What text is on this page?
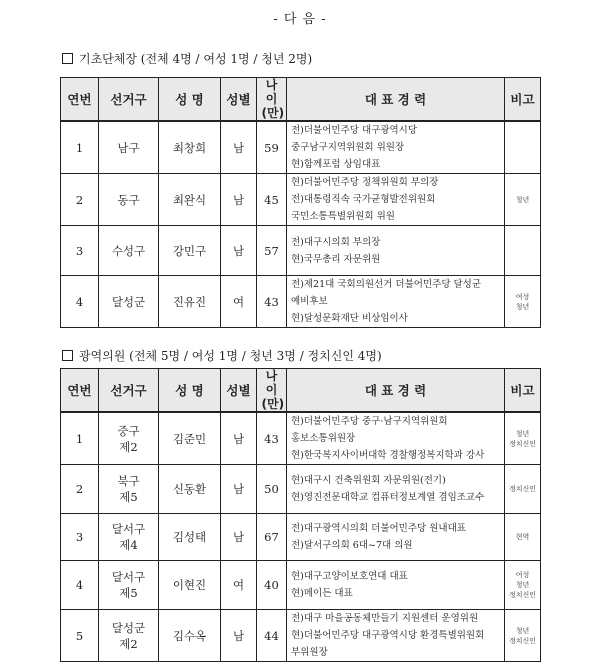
- 다 음 -
기초단체장 (전체 4명 / 여성 1명 / 청년 2명)
연번	선거구	성 명	성별	나이(만)	대 표 경 력	비고
1	남구	최창희	남	59	전)더불어민주당 대구광역시당
중구남구지역위원회 위원장
현)함께포럼 상임대표	

2	동구	최완식	남	45	현)더불어민주당 정책위원회 부의장
전)대통령직속 국가균형발전위원회
국민소통특별위원회 위원	청년

3	수성구	강민구	남	57	전)대구시의회 부의장
현)국무총리 자문위원	

4	달성군	진유진	여	43	전)제21대 국회의원선거 더불어민주당 달성군
예비후보
현)달성문화재단 비상임이사	여성
청년
광역의원 (전체 5명 / 여성 1명 / 청년 3명 / 정치신인 4명)
연번	선거구	성 명	성별	나이(만)	대 표 경 력	비고
1	중구
제2	김준민	남	43	현)더불어민주당 중구·남구지역위원회
홍보소통위원장
현)한국복지사이버대학 경찰행정복지학과 강사	청년
정치신인

2	북구
제5	신동환	남	50	현)대구시 건축위원회 자문위원(전기)
현)영진전문대학교 컴퓨터정보계열 겸임조교수	정치신인

3	달서구
제4	김성태	남	67	전)대구광역시의회 더불어민주당 원내대표
전)달서구의회 6대~7대 의원	현역

4	달서구
제5	이현진	여	40	현)대구고양이보호연대 대표
현)메이든 대표	여성
청년
정치신인

5	달성군
제2	김수옥	남	44	전)대구 마을공동체만들기 지원센터 운영위원
현)더불어민주당 대구광역시당 환경특별위원회
부위원장	청년
정치신인
